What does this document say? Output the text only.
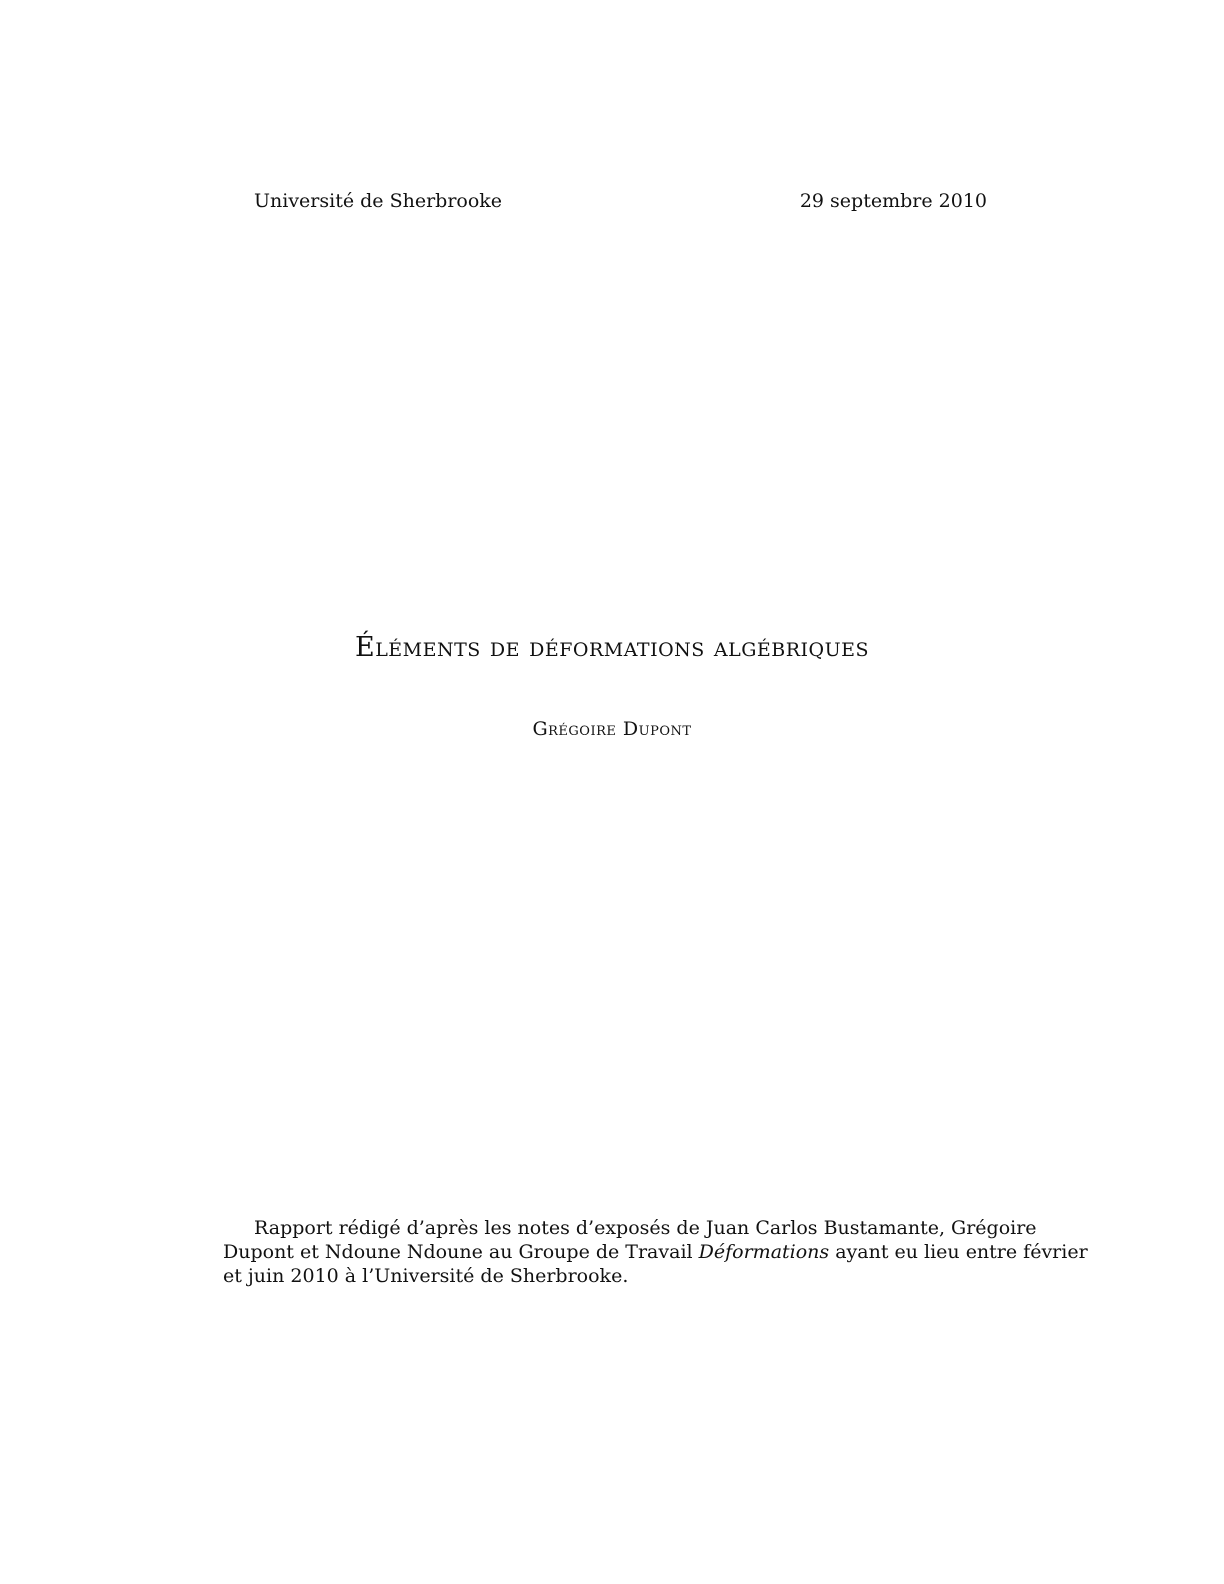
Université de Sherbrooke	29 septembre 2010
Éléments de déformations algébriques
Grégoire Dupont
Rapport rédigé d’après les notes d’exposés de Juan Carlos Bustamante, Grégoire
Dupont et Ndoune Ndoune au Groupe de Travail Déformations ayant eu lieu entre février
et juin 2010 à l’Université de Sherbrooke.
